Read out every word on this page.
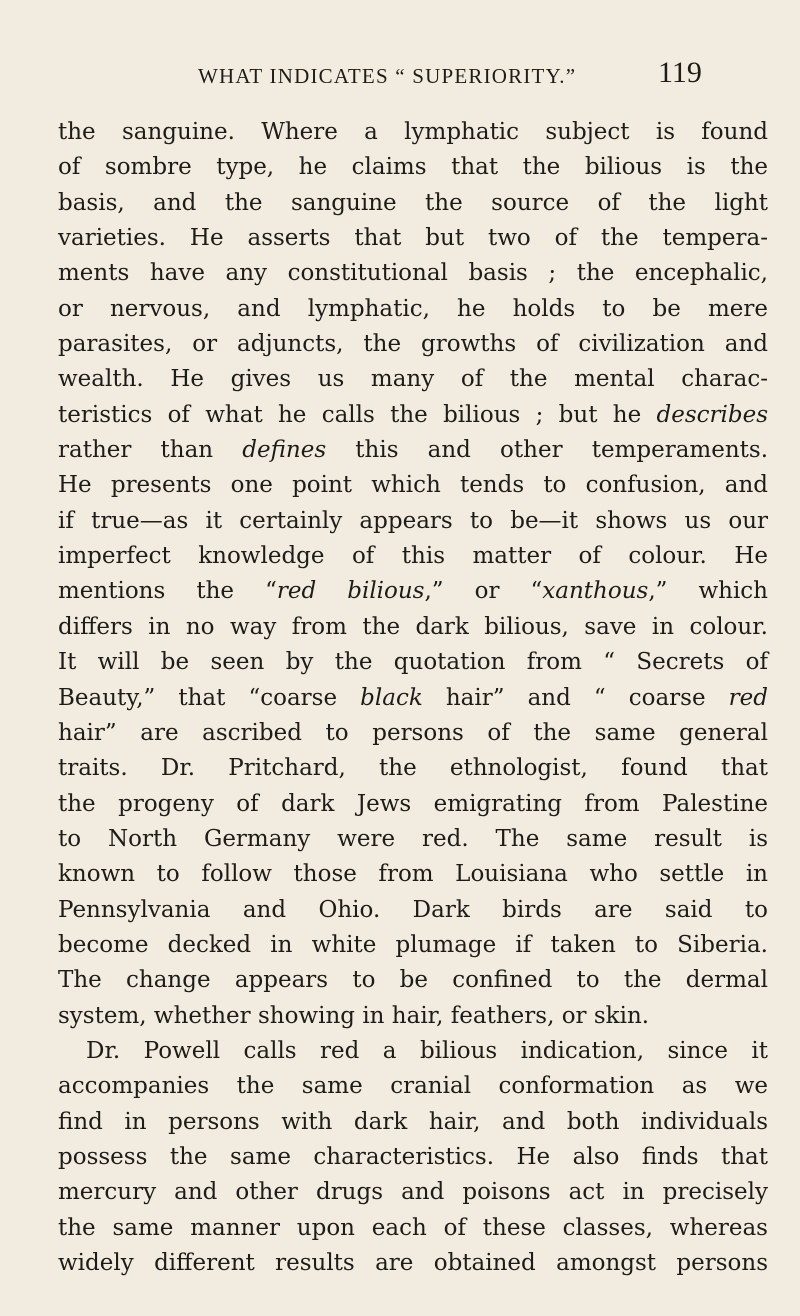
WHAT INDICATES “ SUPERIORITY.”	119
the sanguine. Where a lymphatic subject is found
of sombre type, he claims that the bilious is the
basis, and the sanguine the source of the light
varieties. He asserts that but two of the tempera-
ments have any constitutional basis ; the encephalic,
or nervous, and lymphatic, he holds to be mere
parasites, or adjuncts, the growths of civilization and
wealth. He gives us many of the mental charac-
teristics of what he calls the bilious ; but he describes
rather than defines this and other temperaments.
He presents one point which tends to confusion, and
if true—as it certainly appears to be—it shows us our
imperfect knowledge of this matter of colour. He
mentions the “red bilious,” or “xanthous,” which
differs in no way from the dark bilious, save in colour.
It will be seen by the quotation from “ Secrets of
Beauty,” that “coarse black hair” and “ coarse red
hair” are ascribed to persons of the same general
traits. Dr. Pritchard, the ethnologist, found that
the progeny of dark Jews emigrating from Palestine
to North Germany were red. The same result is
known to follow those from Louisiana who settle in
Pennsylvania and Ohio. Dark birds are said to
become decked in white plumage if taken to Siberia.
The change appears to be confined to the dermal
system, whether showing in hair, feathers, or skin.
Dr. Powell calls red a bilious indication, since it
accompanies the same cranial conformation as we
find in persons with dark hair, and both individuals
possess the same characteristics. He also finds that
mercury and other drugs and poisons act in precisely
the same manner upon each of these classes, whereas
widely different results are obtained amongst persons
